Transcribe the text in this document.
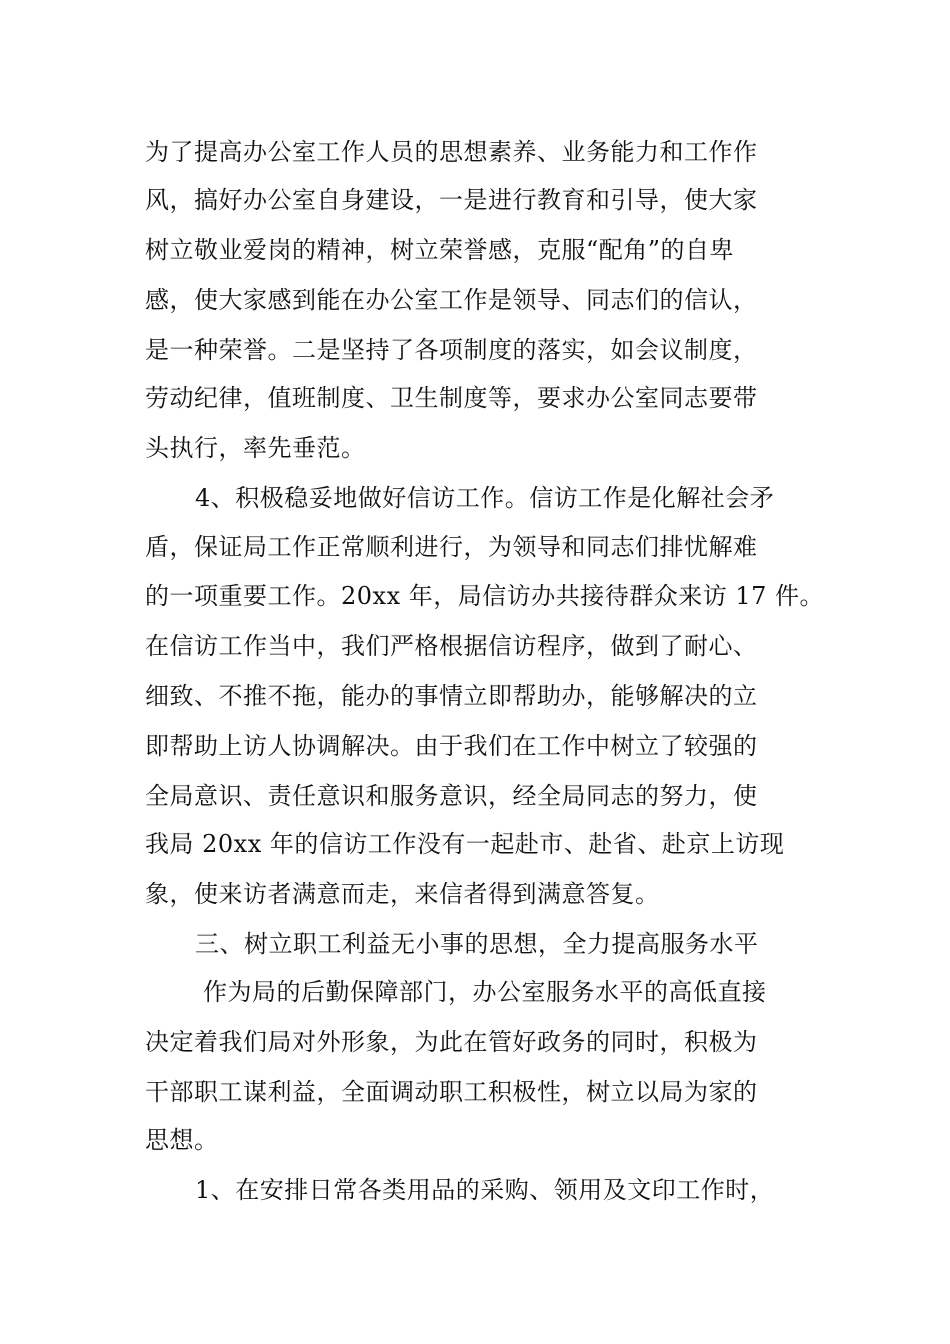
为了提高办公室工作人员的思想素养、业务能力和工作作
风，搞好办公室自身建设，一是进行教育和引导，使大家
树立敬业爱岗的精神，树立荣誉感，克服“配角”的自卑
感，使大家感到能在办公室工作是领导、同志们的信认，
是一种荣誉。二是坚持了各项制度的落实，如会议制度，
劳动纪律，值班制度、卫生制度等，要求办公室同志要带
头执行，率先垂范。
4、积极稳妥地做好信访工作。信访工作是化解社会矛
盾，保证局工作正常顺利进行，为领导和同志们排忧解难
的一项重要工作。20xx 年，局信访办共接待群众来访 17 件。
在信访工作当中，我们严格根据信访程序，做到了耐心、
细致、不推不拖，能办的事情立即帮助办，能够解决的立
即帮助上访人协调解决。由于我们在工作中树立了较强的
全局意识、责任意识和服务意识，经全局同志的努力，使
我局 20xx 年的信访工作没有一起赴市、赴省、赴京上访现
象，使来访者满意而走，来信者得到满意答复。
三、树立职工利益无小事的思想，全力提高服务水平
作为局的后勤保障部门，办公室服务水平的高低直接
决定着我们局对外形象，为此在管好政务的同时，积极为
干部职工谋利益，全面调动职工积极性，树立以局为家的
思想。
1、在安排日常各类用品的采购、领用及文印工作时，
